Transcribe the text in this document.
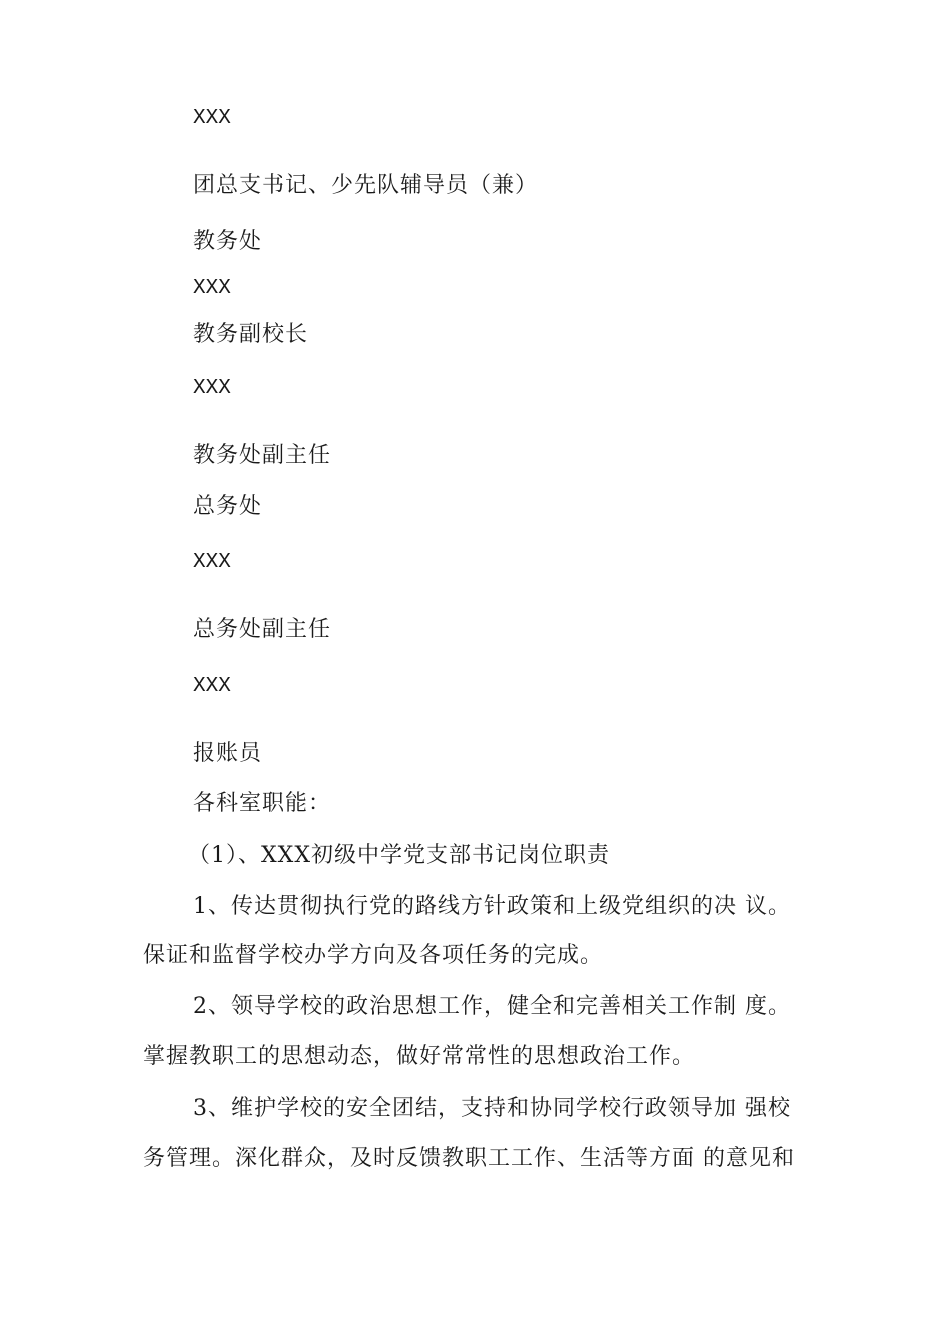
XXX
团总支书记、少先队辅导员（兼）
教务处
XXX
教务副校长
XXX
教务处副主任
总务处
XXX
总务处副主任
XXX
报账员
各科室职能：
（1）、XXX初级中学党支部书记岗位职责
1、传达贯彻执行党的路线方针政策和上级党组织的决 议。
保证和监督学校办学方向及各项任务的完成。
2、领导学校的政治思想工作，健全和完善相关工作制 度。
掌握教职工的思想动态，做好常常性的思想政治工作。
3、维护学校的安全团结，支持和协同学校行政领导加 强校
务管理。深化群众，及时反馈教职工工作、生活等方面 的意见和
